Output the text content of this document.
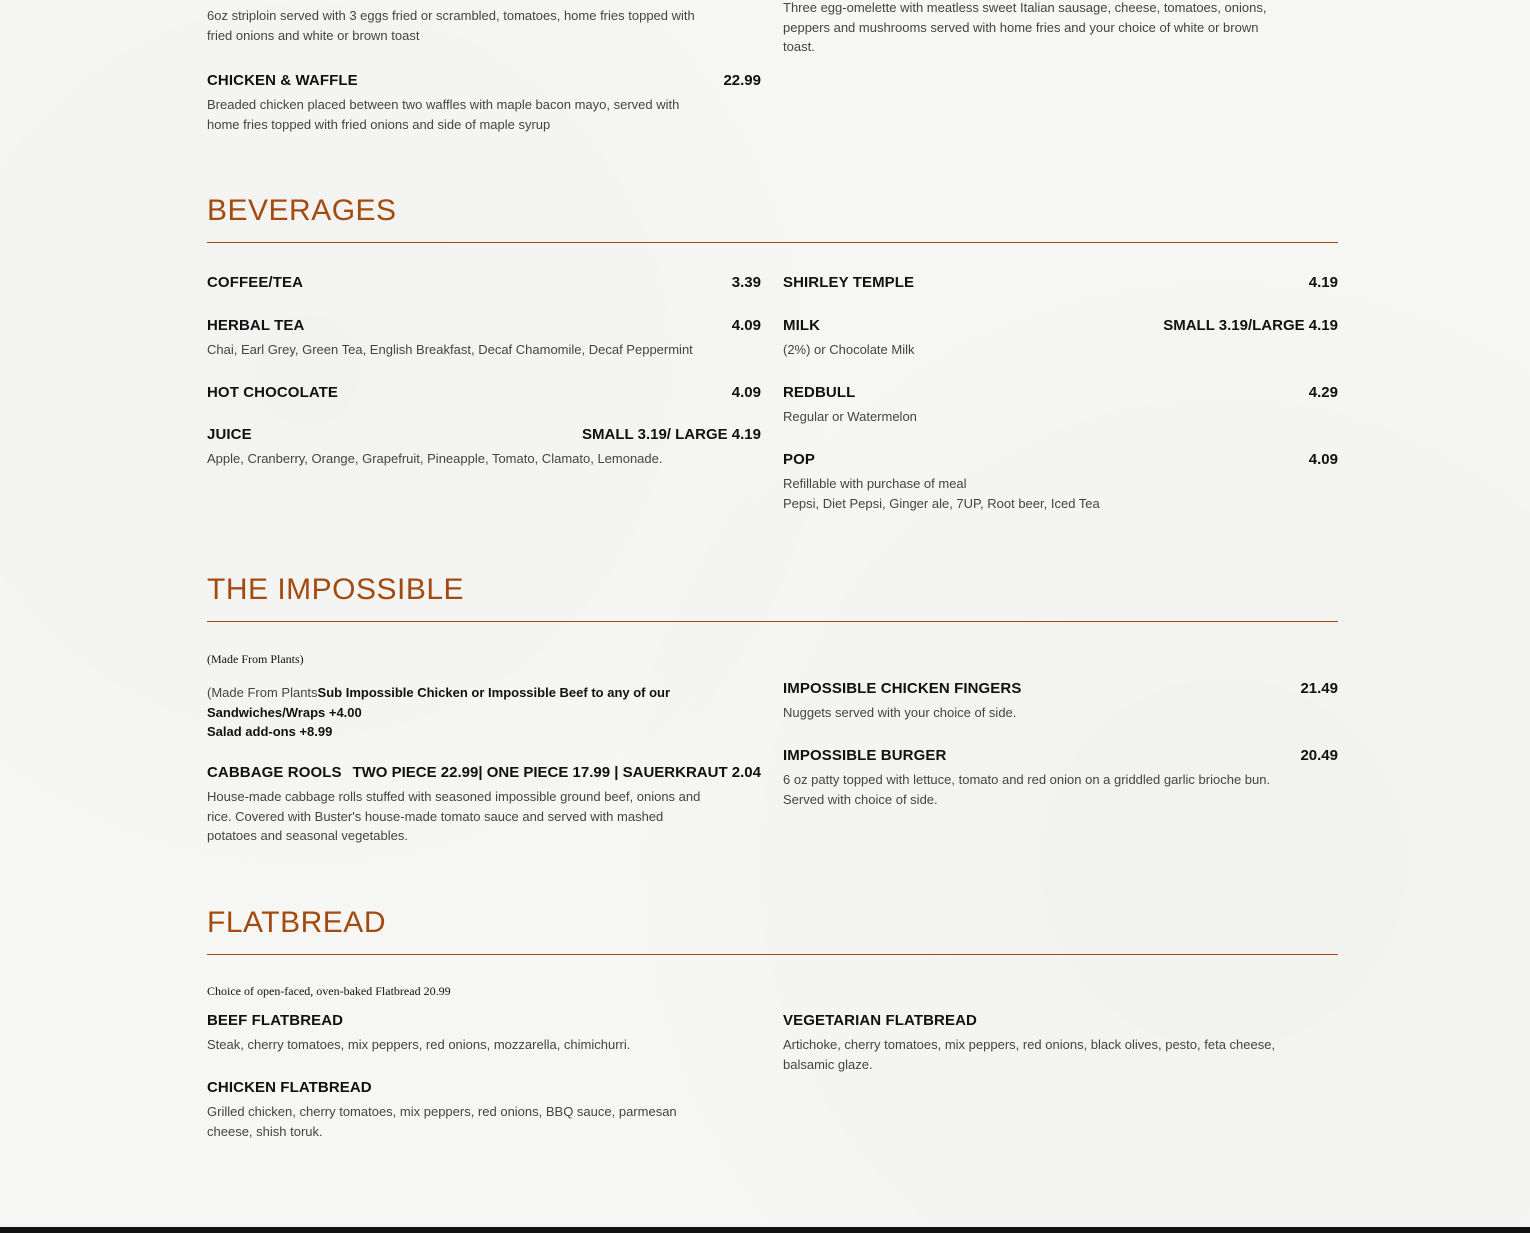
6oz striploin served with 3 eggs fried or scrambled, tomatoes, home fries topped with fried onions and white or brown toast
Three egg-omelette with meatless sweet Italian sausage, cheese, tomatoes, onions, peppers and mushrooms served with home fries and your choice of white or brown toast.
CHICKEN & WAFFLE	22.99
Breaded chicken placed between two waffles with maple bacon mayo, served with home fries topped with fried onions and side of maple syrup
BEVERAGES
COFFEE/TEA	3.39
HERBAL TEA	4.09
Chai, Earl Grey, Green Tea, English Breakfast, Decaf Chamomile, Decaf Peppermint
HOT CHOCOLATE	4.09
JUICE	SMALL 3.19/ LARGE 4.19
Apple, Cranberry, Orange, Grapefruit, Pineapple, Tomato, Clamato, Lemonade.
SHIRLEY TEMPLE	4.19
MILK	SMALL 3.19/LARGE 4.19
(2%) or Chocolate Milk
REDBULL	4.29
Regular or Watermelon
POP	4.09
Refillable with purchase of meal
Pepsi, Diet Pepsi, Ginger ale, 7UP, Root beer, Iced Tea
THE IMPOSSIBLE
(Made From Plants)
(Made From PlantsSub Impossible Chicken or Impossible Beef to any of our Sandwiches/Wraps +4.00
Salad add-ons +8.99
CABBAGE ROOLS TWO PIECE 22.99| ONE PIECE 17.99 | SAUERKRAUT 2.04
House-made cabbage rolls stuffed with seasoned impossible ground beef, onions and rice. Covered with Buster's house-made tomato sauce and served with mashed potatoes and seasonal vegetables.
IMPOSSIBLE CHICKEN FINGERS	21.49
Nuggets served with your choice of side.
IMPOSSIBLE BURGER	20.49
6 oz patty topped with lettuce, tomato and red onion on a griddled garlic brioche bun. Served with choice of side.
FLATBREAD
Choice of open-faced, oven-baked Flatbread 20.99
BEEF FLATBREAD
Steak, cherry tomatoes, mix peppers, red onions, mozzarella, chimichurri.
CHICKEN FLATBREAD
Grilled chicken, cherry tomatoes, mix peppers, red onions, BBQ sauce, parmesan cheese, shish toruk.
VEGETARIAN FLATBREAD
Artichoke, cherry tomatoes, mix peppers, red onions, black olives, pesto, feta cheese, balsamic glaze.
